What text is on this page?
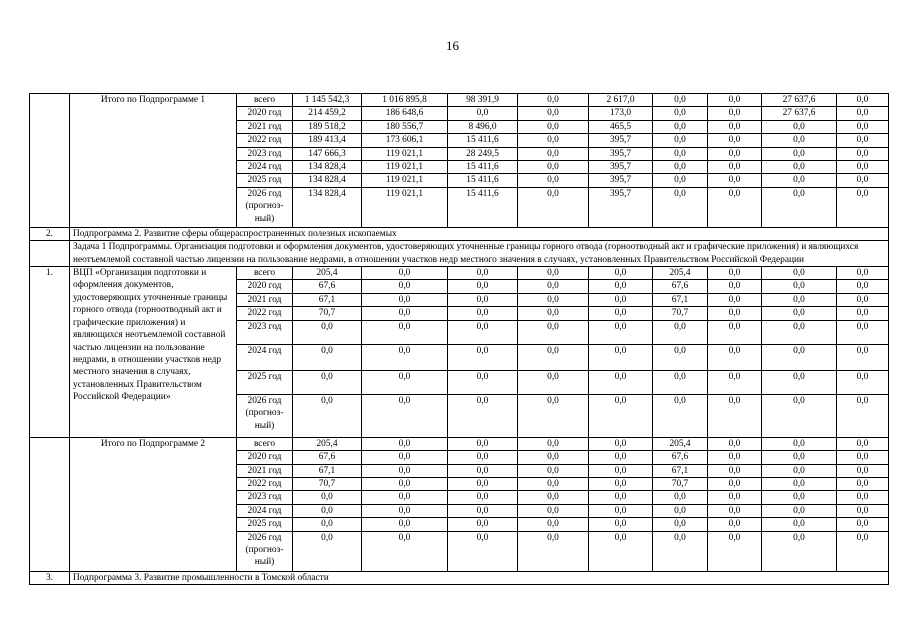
16
	Итого по Подпрограмме 1	всего	1 145 542,3	1 016 895,8	98 391,9	0,0	2 617,0	0,0	0,0	27 637,6	0,0
		2020 год	214 459,2	186 648,6	0,0	0,0	173,0	0,0	0,0	27 637,6	0,0
		2021 год	189 518,2	180 556,7	8 496,0	0,0	465,5	0,0	0,0	0,0	0,0
		2022 год	189 413,4	173 606,1	15 411,6	0,0	395,7	0,0	0,0	0,0	0,0
		2023 год	147 666,3	119 021,1	28 249,5	0,0	395,7	0,0	0,0	0,0	0,0
		2024 год	134 828,4	119 021,1	15 411,6	0,0	395,7	0,0	0,0	0,0	0,0
		2025 год	134 828,4	119 021,1	15 411,6	0,0	395,7	0,0	0,0	0,0	0,0
		2026 год (прогноз-ный)	134 828,4	119 021,1	15 411,6	0,0	395,7	0,0	0,0	0,0	0,0
2.	Подпрограмма 2. Развитие сферы общераспространенных полезных ископаемых										
	Задача 1 Подпрограммы. Организация подготовки и оформления документов, удостоверяющих уточненные границы горного отвода (горноотводный акт и графические приложения) и являющихся неотъемлемой составной частью лицензии на пользование недрами, в отношении участков недр местного значения в случаях, установленных Правительством Российской Федерации										
1.	ВЦП «Организация подготовки и оформления документов, удостоверяющих уточненные границы горного отвода (горноотводный акт и графические приложения) и являющихся неотъемлемой составной частью лицензии на пользование недрами, в отношении участков недр местного значения в случаях, установленных Правительством Российской Федерации»	всего	205,4	0,0	0,0	0,0	0,0	205,4	0,0	0,0	0,0
		2020 год	67,6	0,0	0,0	0,0	0,0	67,6	0,0	0,0	0,0
		2021 год	67,1	0,0	0,0	0,0	0,0	67,1	0,0	0,0	0,0
		2022 год	70,7	0,0	0,0	0,0	0,0	70,7	0,0	0,0	0,0
		2023 год	0,0	0,0	0,0	0,0	0,0	0,0	0,0	0,0	0,0
		2024 год	0,0	0,0	0,0	0,0	0,0	0,0	0,0	0,0	0,0
		2025 год	0,0	0,0	0,0	0,0	0,0	0,0	0,0	0,0	0,0
		2026 год (прогноз-ный)	0,0	0,0	0,0	0,0	0,0	0,0	0,0	0,0	0,0
	Итого по Подпрограмме 2	всего	205,4	0,0	0,0	0,0	0,0	205,4	0,0	0,0	0,0
		2020 год	67,6	0,0	0,0	0,0	0,0	67,6	0,0	0,0	0,0
		2021 год	67,1	0,0	0,0	0,0	0,0	67,1	0,0	0,0	0,0
		2022 год	70,7	0,0	0,0	0,0	0,0	70,7	0,0	0,0	0,0
		2023 год	0,0	0,0	0,0	0,0	0,0	0,0	0,0	0,0	0,0
		2024 год	0,0	0,0	0,0	0,0	0,0	0,0	0,0	0,0	0,0
		2025 год	0,0	0,0	0,0	0,0	0,0	0,0	0,0	0,0	0,0
		2026 год (прогноз-ный)	0,0	0,0	0,0	0,0	0,0	0,0	0,0	0,0	0,0
3.	Подпрограмма 3. Развитие промышленности в Томской области										
